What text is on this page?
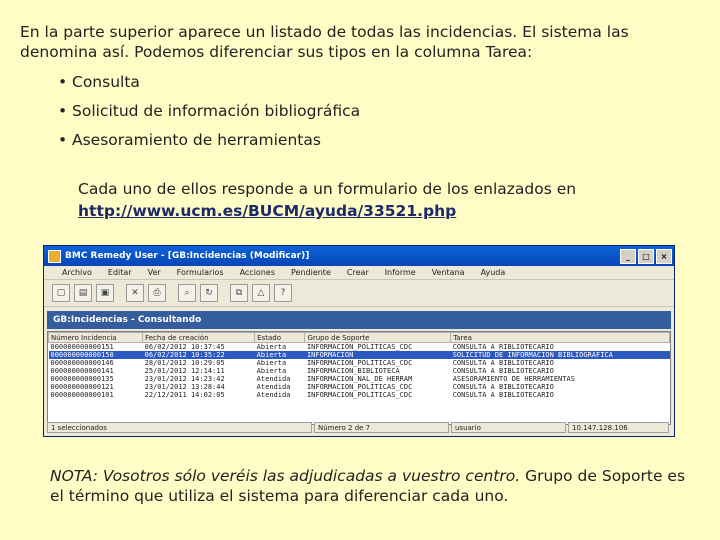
En la parte superior aparece un listado de todas las incidencias. El sistema las
denomina así. Podemos diferenciar sus tipos en la columna Tarea:
• Consulta
• Solicitud de información bibliográfica
• Asesoramiento de herramientas
Cada uno de ellos responde a un formulario de los enlazados en
http://www.ucm.es/BUCM/ayuda/33521.php
BMC Remedy User - [GB:Incidencias (Modificar)]	_	□	×
Archivo Editar Ver Formularios Acciones Pendiente Crear Informe Ventana Ayuda
▢	▤	▣	✕	⎙	⌕	↻	⧉	△	?
GB:Incidencias - Consultando
Número Incidencia	Fecha de creación	Estado	Grupo de Soporte	Tarea
000000000000151	06/02/2012 10:37:45	Abierta	INFORMACION_POLITICAS_CDC	CONSULTA A RIBLIOTECARIO
000000000000150	06/02/2012 10:35:22	Abierta	INFORMACION	SOLICITUD DE INFORMACION BIBLIOGRAFICA
000000000000146	28/01/2012 10:29:05	Abierta	INFORMACION_POLITICAS_CDC	CONSULTA A BIBLIOTECARIO
000000000000141	25/01/2012 12:14:11	Abierta	INFORMACION_BIBLIOTECA	CONSULTA A BIBLIOTECARIO
000000000000135	23/01/2012 14:23:42	Atendida	INFORMACION_NAL_DE HERRAM	ASESORAMIENTO DE HERRAMIENTAS
000000000000121	23/01/2012 13:28:44	Atendida	INFORMACION_POLITICAS_CDC	CONSULTA A BIBLIOTECARIO
000000000000101	22/12/2011 14:02:05	Atendida	INFORMACION_POLITICAS_CDC	CONSULTA A BIBLIOTECARIO
1 seleccionados	Número 2 de 7	usuario	10.147.128.106
NOTA: Vosotros sólo veréis las adjudicadas a vuestro centro. Grupo de Soporte es el término que utiliza el sistema para diferenciar cada uno.
